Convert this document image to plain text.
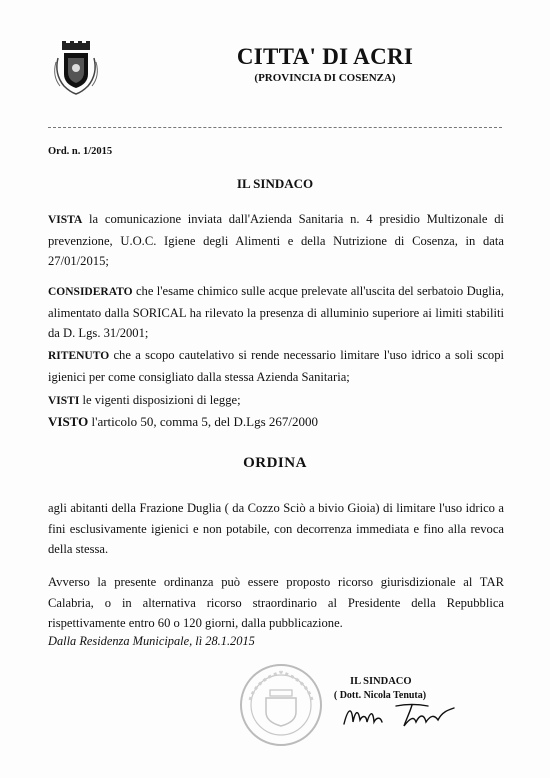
CITTA' DI ACRI
(PROVINCIA DI COSENZA)
Ord. n. 1/2015
IL SINDACO
VISTA la comunicazione inviata dall'Azienda Sanitaria n. 4 presidio Multizonale di prevenzione, U.O.C. Igiene degli Alimenti e della Nutrizione di Cosenza, in data 27/01/2015;
CONSIDERATO che l'esame chimico sulle acque prelevate all'uscita del serbatoio Duglia, alimentato dalla SORICAL ha rilevato la presenza di alluminio superiore ai limiti stabiliti da D. Lgs. 31/2001;
RITENUTO che a scopo cautelativo si rende necessario limitare l'uso idrico a soli scopi igienici per come consigliato dalla stessa Azienda Sanitaria;
VISTI le vigenti disposizioni di legge;
VISTO l'articolo 50, comma 5, del D.Lgs 267/2000
ORDINA
agli abitanti della Frazione Duglia ( da Cozzo Sciò a bivio Gioia) di limitare l'uso idrico a fini esclusivamente igienici e non potabile, con decorrenza immediata e fino alla revoca della stessa.
Avverso la presente ordinanza può essere proposto ricorso giurisdizionale al TAR Calabria, o in alternativa ricorso straordinario al Presidente della Repubblica rispettivamente entro 60 o 120 giorni, dalla pubblicazione.
Dalla Residenza Municipale, lì 28.1.2015
IL SINDACO
( Dott. Nicola Tenuta)
